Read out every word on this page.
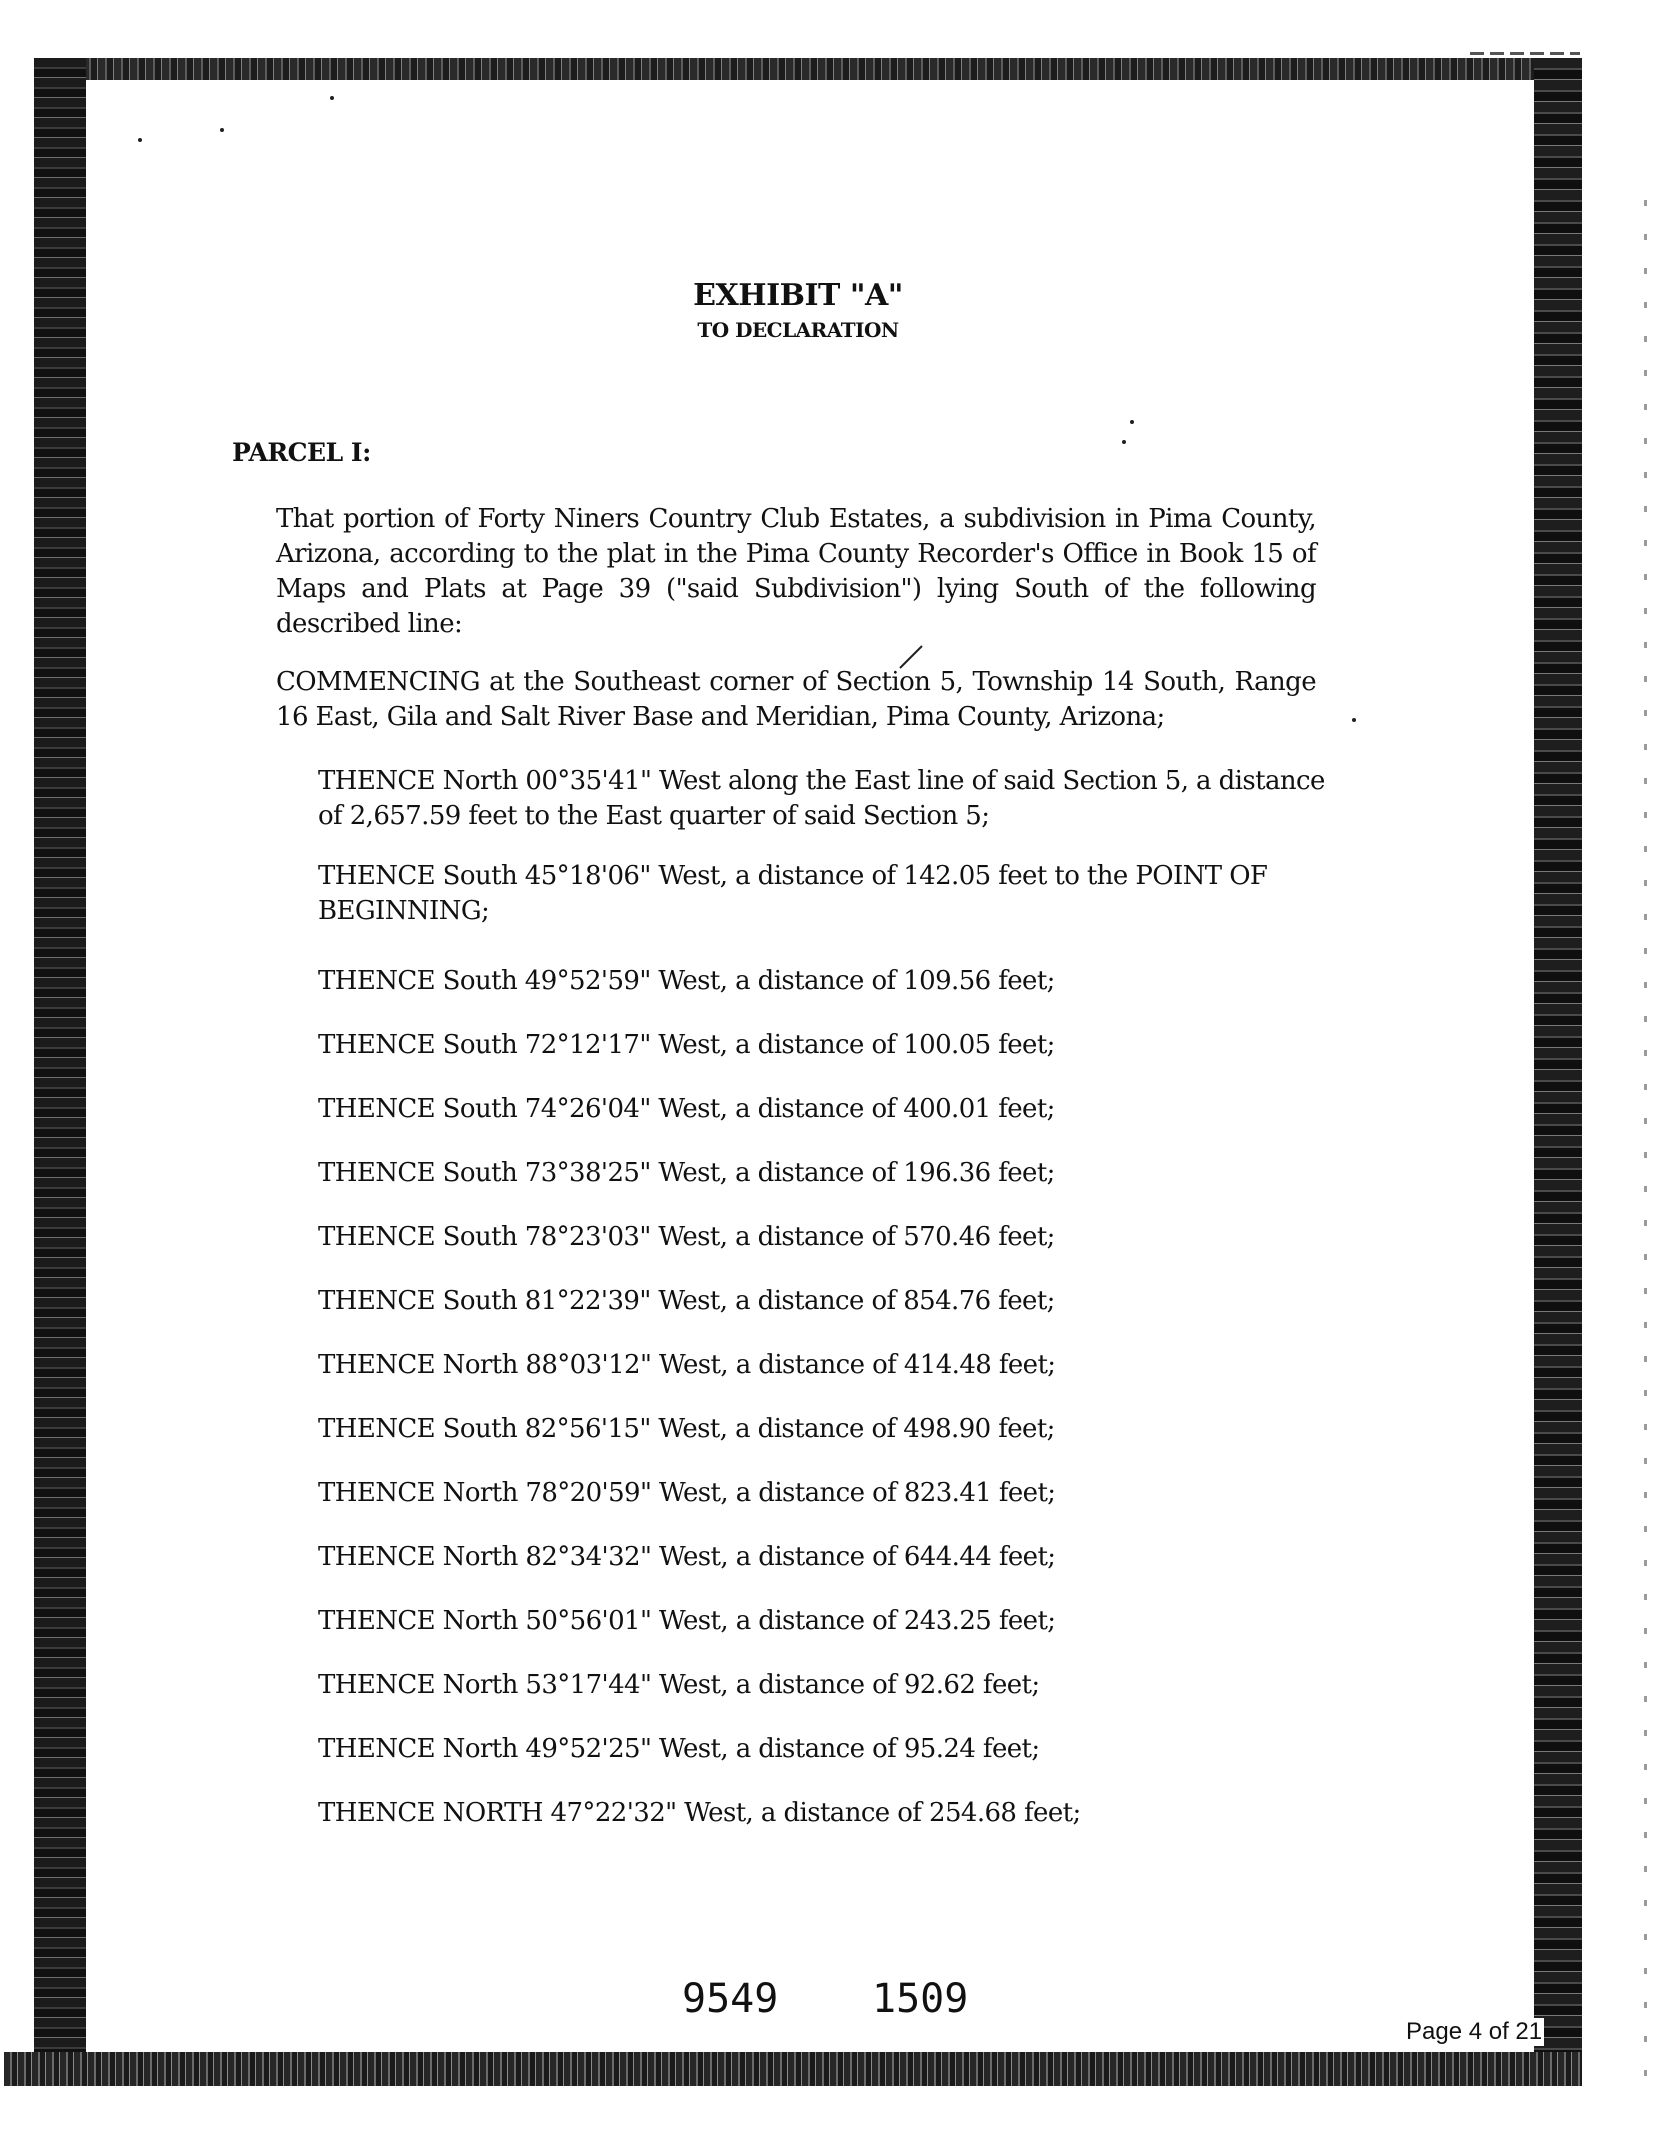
EXHIBIT "A"
TO DECLARATION
PARCEL I:

That portion of Forty Niners Country Club Estates, a subdivision in Pima County, Arizona, according to the plat in the Pima County Recorder's Office in Book 15 of Maps and Plats at Page 39 ("said Subdivision") lying South of the following described line:

COMMENCING at the Southeast corner of Section 5, Township 14 South, Range 16 East, Gila and Salt River Base and Meridian, Pima County, Arizona;

THENCE North 00°35'41" West along the East line of said Section 5, a distance of 2,657.59 feet to the East quarter of said Section 5;

THENCE South 45°18'06" West, a distance of 142.05 feet to the POINT OF BEGINNING;

THENCE South 49°52'59" West, a distance of 109.56 feet;

THENCE South 72°12'17" West, a distance of 100.05 feet;

THENCE South 74°26'04" West, a distance of 400.01 feet;

THENCE South 73°38'25" West, a distance of 196.36 feet;

THENCE South 78°23'03" West, a distance of 570.46 feet;

THENCE South 81°22'39" West, a distance of 854.76 feet;

THENCE North 88°03'12" West, a distance of 414.48 feet;

THENCE South 82°56'15" West, a distance of 498.90 feet;

THENCE North 78°20'59" West, a distance of 823.41 feet;

THENCE North 82°34'32" West, a distance of 644.44 feet;

THENCE North 50°56'01" West, a distance of 243.25 feet;

THENCE North 53°17'44" West, a distance of 92.62 feet;

THENCE North 49°52'25" West, a distance of 95.24 feet;

THENCE NORTH 47°22'32" West, a distance of 254.68 feet;

9549 1509
Page 4 of 21
